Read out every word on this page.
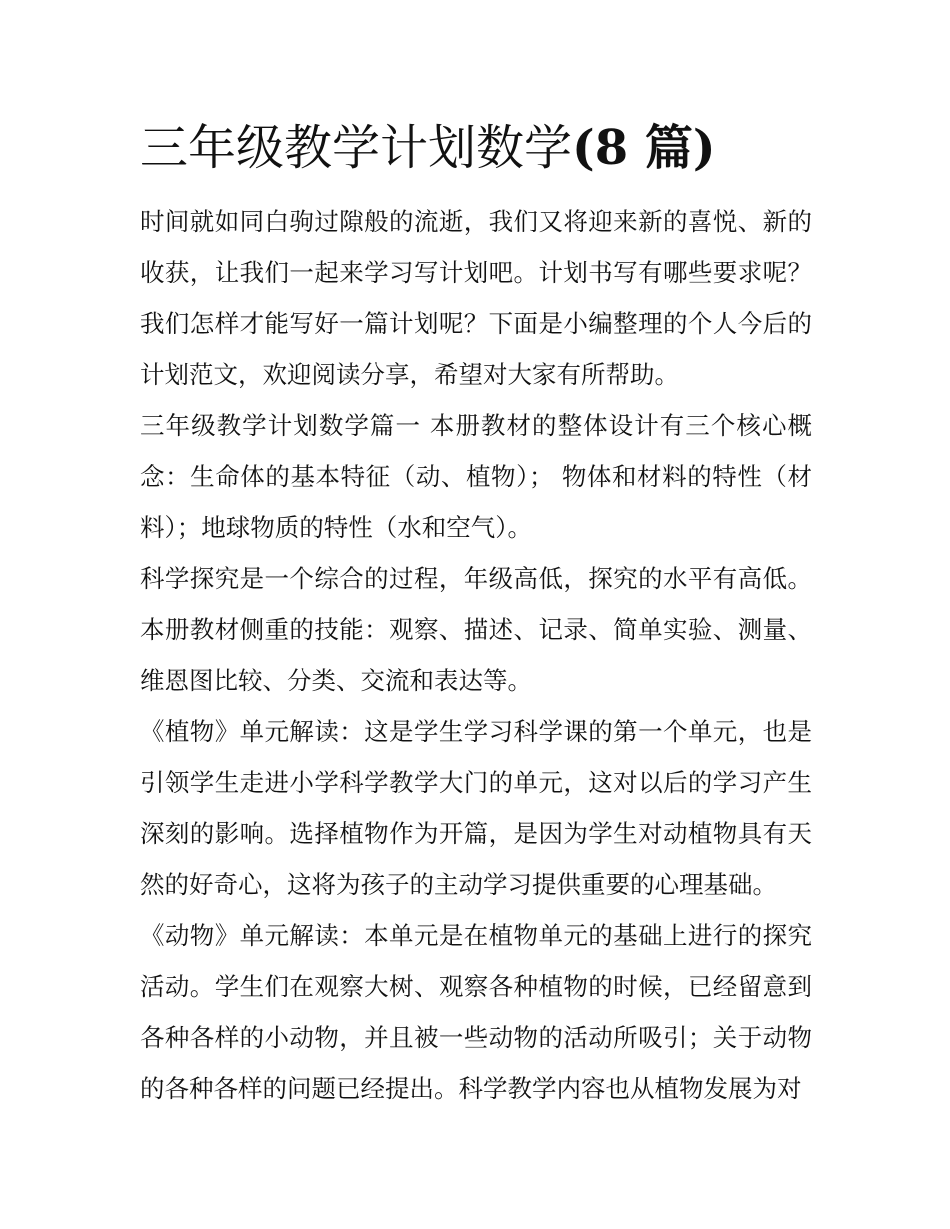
三年级教学计划数学(8 篇)

时间就如同白驹过隙般的流逝，我们又将迎来新的喜悦、新的收获，让我们一起来学习写计划吧。计划书写有哪些要求呢？我们怎样才能写好一篇计划呢？下面是小编整理的个人今后的计划范文，欢迎阅读分享，希望对大家有所帮助。

三年级教学计划数学篇一 本册教材的整体设计有三个核心概念：生命体的基本特征（动、植物）； 物体和材料的特性（材料）；地球物质的特性（水和空气）。

科学探究是一个综合的过程，年级高低，探究的水平有高低。本册教材侧重的技能：观察、描述、记录、简单实验、测量、维恩图比较、分类、交流和表达等。

《植物》单元解读：这是学生学习科学课的第一个单元，也是引领学生走进小学科学教学大门的单元，这对以后的学习产生深刻的影响。选择植物作为开篇，是因为学生对动植物具有天然的好奇心，这将为孩子的主动学习提供重要的心理基础。

《动物》单元解读：本单元是在植物单元的基础上进行的探究活动。学生们在观察大树、观察各种植物的时候，已经留意到各种各样的小动物，并且被一些动物的活动所吸引；关于动物的各种各样的问题已经提出。科学教学内容也从植物发展为对
